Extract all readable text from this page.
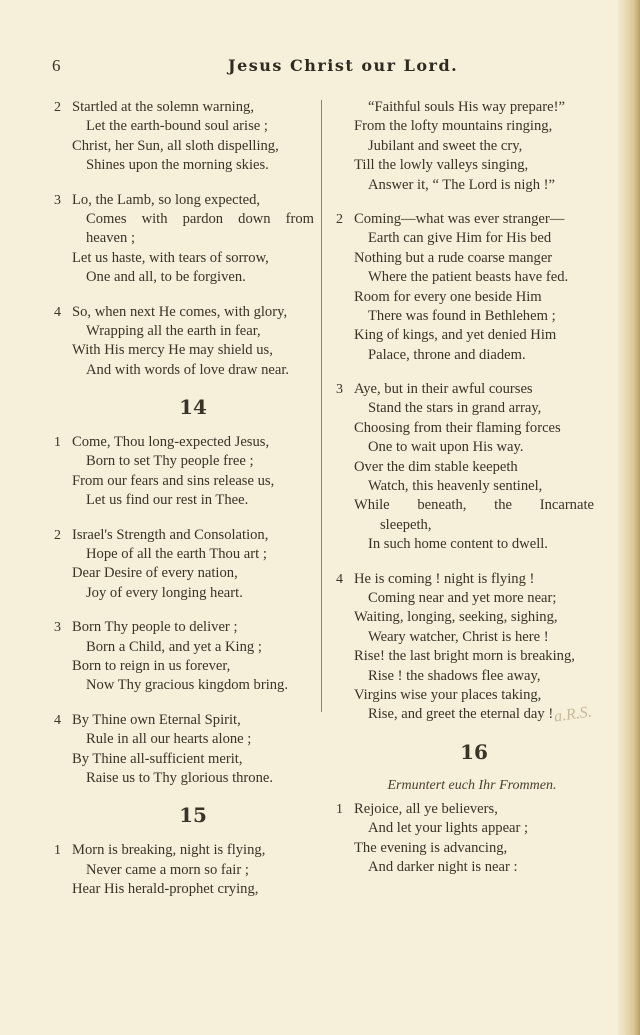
6	Jesus Christ our Lord.
2 Startled at the solemn warning,
Let the earth-bound soul arise ;
Christ, her Sun, all sloth dispelling,
Shines upon the morning skies.
3 Lo, the Lamb, so long expected,
Comes with pardon down from
heaven ;
Let us haste, with tears of sorrow,
One and all, to be forgiven.
4 So, when next He comes, with glory,
Wrapping all the earth in fear,
With His mercy He may shield us,
And with words of love draw near.
14
1 Come, Thou long-expected Jesus,
Born to set Thy people free ;
From our fears and sins release us,
Let us find our rest in Thee.
2 Israel's Strength and Consolation,
Hope of all the earth Thou art ;
Dear Desire of every nation,
Joy of every longing heart.
3 Born Thy people to deliver ;
Born a Child, and yet a King ;
Born to reign in us forever,
Now Thy gracious kingdom bring.
4 By Thine own Eternal Spirit,
Rule in all our hearts alone ;
By Thine all-sufficient merit,
Raise us to Thy glorious throne.
15
1 Morn is breaking, night is flying,
Never came a morn so fair ;
Hear His herald-prophet crying,
“Faithful souls His way prepare!”
From the lofty mountains ringing,
Jubilant and sweet the cry,
Till the lowly valleys singing,
Answer it, “ The Lord is nigh !”
2 Coming—what was ever stranger—
Earth can give Him for His bed
Nothing but a rude coarse manger
Where the patient beasts have fed.
Room for every one beside Him
There was found in Bethlehem ;
King of kings, and yet denied Him
Palace, throne and diadem.
3 Aye, but in their awful courses
Stand the stars in grand array,
Choosing from their flaming forces
One to wait upon His way.
Over the dim stable keepeth
Watch, this heavenly sentinel,
While beneath, the Incarnate
sleepeth,
In such home content to dwell.
4 He is coming ! night is flying !
Coming near and yet more near;
Waiting, longing, seeking, sighing,
Weary watcher, Christ is here !
Rise! the last bright morn is breaking,
Rise ! the shadows flee away,
Virgins wise your places taking,
Rise, and greet the eternal day ! a.R.S.
16
Ermuntert euch Ihr Frommen.
1 Rejoice, all ye believers,
And let your lights appear ;
The evening is advancing,
And darker night is near :
